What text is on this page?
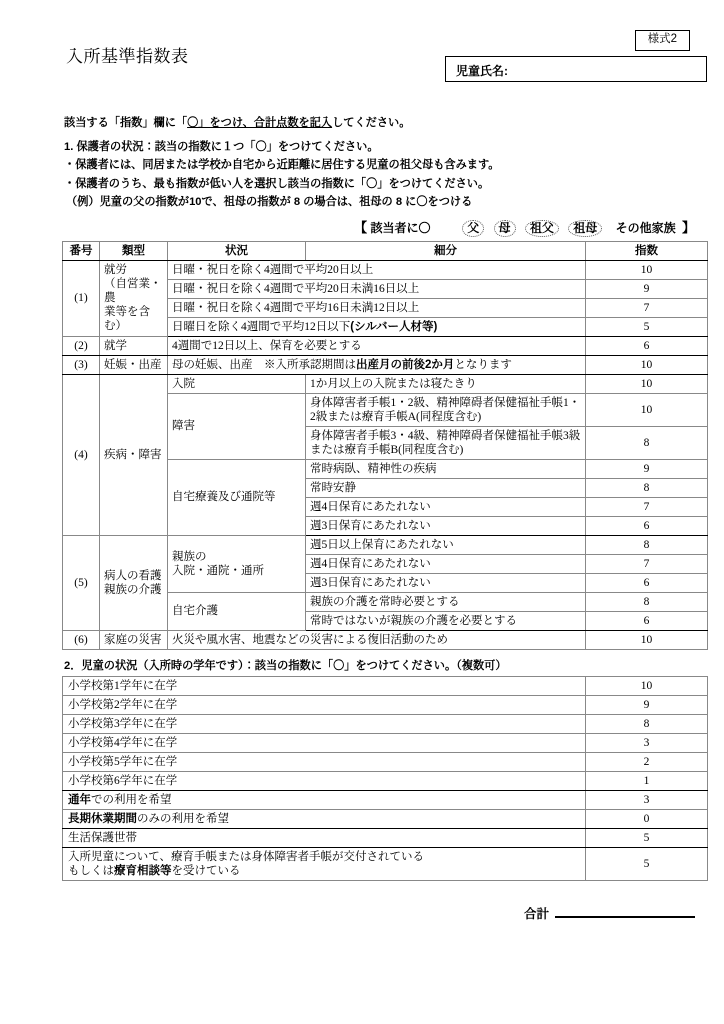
入所基準指数表
様式2
児童氏名:
該当する「指数」欄に「〇」をつけ、合計点数を記入してください。
1. 保護者の状況：該当の指数に１つ「〇」をつけてください。
・保護者には、同居または学校か自宅から近距離に居住する児童の祖父母も含みます。
・保護者のうち、最も指数が低い人を選択し該当の指数に「〇」をつけてください。
（例）児童の父の指数が10で、祖母の指数が 8 の場合は、祖母の 8 に〇をつける
【 該当者に〇	父 母 祖父 祖母 その他家族 】
番号	類型	状況	細分	指数
(1)	就労
（自営業・農
業等を含む）	日曜・祝日を除く4週間で平均20日以上		10
		日曜・祝日を除く4週間で平均20日未満16日以上		9
		日曜・祝日を除く4週間で平均16日未満12日以上		7
		日曜日を除く4週間で平均12日以下(シルバー人材等)		5
(2)	就学	4週間で12日以上、保育を必要とする		6
(3)	妊娠・出産	母の妊娠、出産　※入所承認期間は出産月の前後2か月となります		10
(4)	疾病・障害	入院	1か月以上の入院または寝たきり	10
		障害	身体障害者手帳1・2級、精神障碍者保健福祉手帳1・2級または療育手帳A(同程度含む)	10
			身体障害者手帳3・4級、精神障碍者保健福祉手帳3級または療育手帳B(同程度含む)	8
		自宅療養及び通院等	常時病臥、精神性の疾病	9
			常時安静	8
			週4日保育にあたれない	7
			週3日保育にあたれない	6
(5)	病人の看護
親族の介護	親族の
入院・通院・通所	週5日以上保育にあたれない	8
			週4日保育にあたれない	7
			週3日保育にあたれない	6
		自宅介護	親族の介護を常時必要とする	8
			常時ではないが親族の介護を必要とする	6
(6)	家庭の災害	火災や風水害、地震などの災害による復旧活動のため		10
2．児童の状況（入所時の学年です）：該当の指数に「〇」をつけてください。（複数可）
小学校第1学年に在学	10
小学校第2学年に在学	9
小学校第3学年に在学	8
小学校第4学年に在学	3
小学校第5学年に在学	2
小学校第6学年に在学	1
通年での利用を希望	3
長期休業期間のみの利用を希望	0
生活保護世帯	5
入所児童について、療育手帳または身体障害者手帳が交付されている
もしくは療育相談等を受けている	5
合計
